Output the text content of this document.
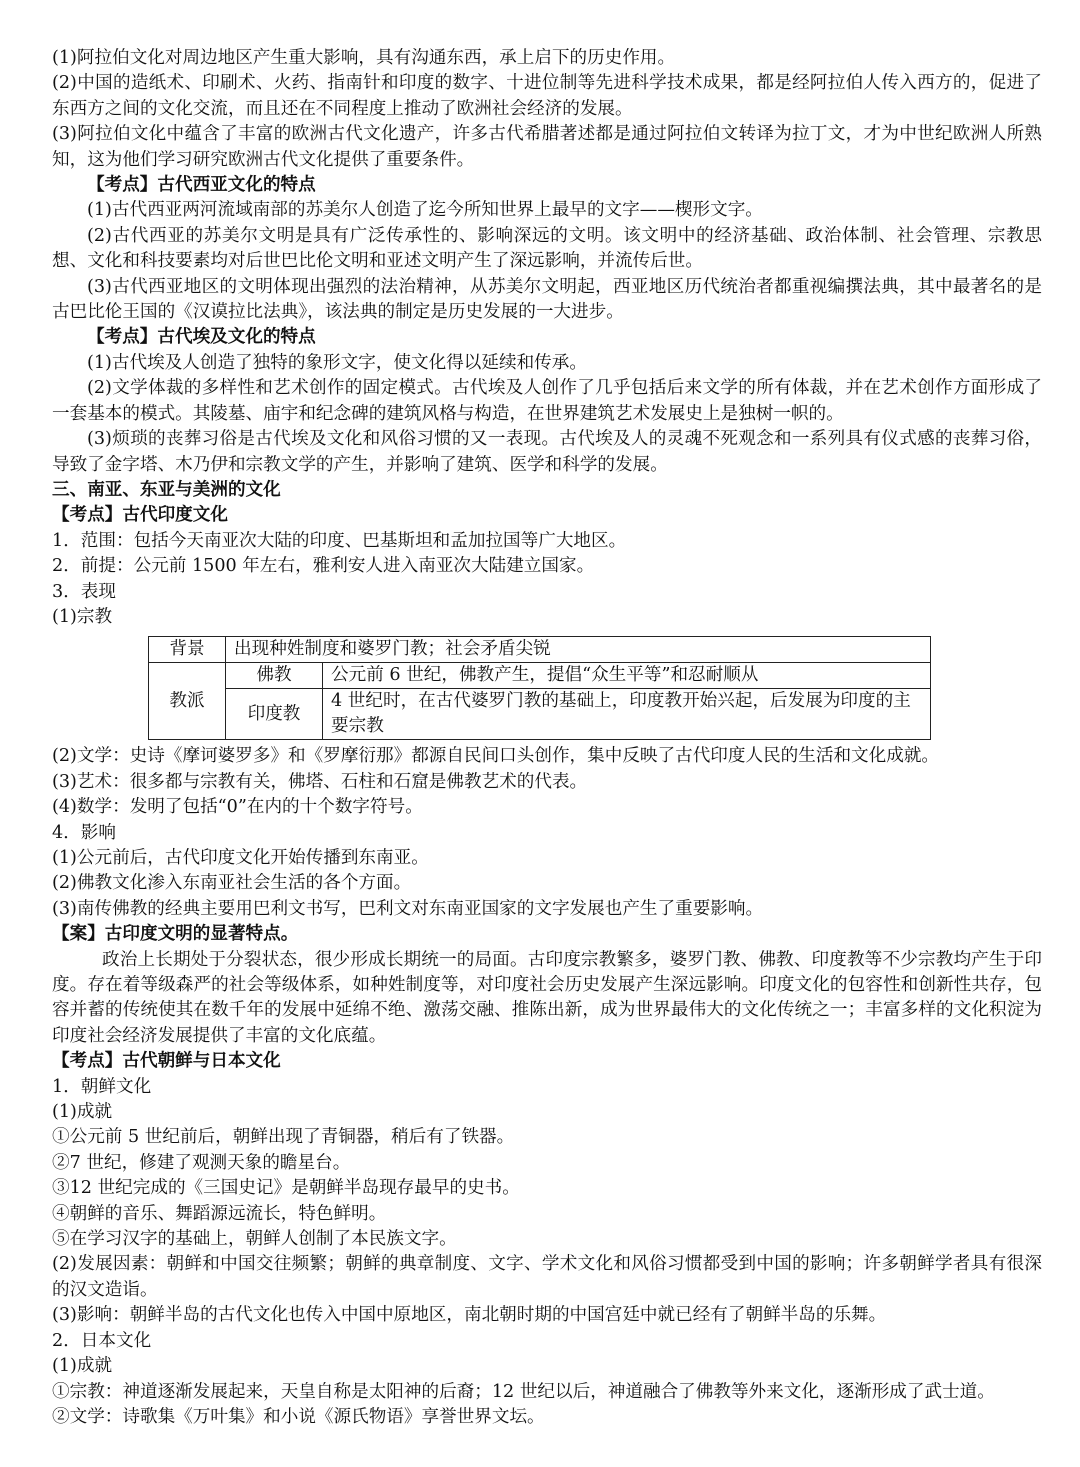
(1)阿拉伯文化对周边地区产生重大影响，具有沟通东西，承上启下的历史作用。

(2)中国的造纸术、印刷术、火药、指南针和印度的数字、十进位制等先进科学技术成果，都是经阿拉伯人传入西方的，促进了东西方之间的文化交流，而且还在不同程度上推动了欧洲社会经济的发展。

(3)阿拉伯文化中蕴含了丰富的欧洲古代文化遗产，许多古代希腊著述都是通过阿拉伯文转译为拉丁文，才为中世纪欧洲人所熟知，这为他们学习研究欧洲古代文化提供了重要条件。

【考点】古代西亚文化的特点

(1)古代西亚两河流域南部的苏美尔人创造了迄今所知世界上最早的文字——楔形文字。

(2)古代西亚的苏美尔文明是具有广泛传承性的、影响深远的文明。该文明中的经济基础、政治体制、社会管理、宗教思想、文化和科技要素均对后世巴比伦文明和亚述文明产生了深远影响，并流传后世。

(3)古代西亚地区的文明体现出强烈的法治精神，从苏美尔文明起，西亚地区历代统治者都重视编撰法典，其中最著名的是古巴比伦王国的《汉谟拉比法典》，该法典的制定是历史发展的一大进步。

【考点】古代埃及文化的特点

(1)古代埃及人创造了独特的象形文字，使文化得以延续和传承。

(2)文学体裁的多样性和艺术创作的固定模式。古代埃及人创作了几乎包括后来文学的所有体裁，并在艺术创作方面形成了一套基本的模式。其陵墓、庙宇和纪念碑的建筑风格与构造，在世界建筑艺术发展史上是独树一帜的。

(3)烦琐的丧葬习俗是古代埃及文化和风俗习惯的又一表现。古代埃及人的灵魂不死观念和一系列具有仪式感的丧葬习俗，导致了金字塔、木乃伊和宗教文学的产生，并影响了建筑、医学和科学的发展。

三、南亚、东亚与美洲的文化

【考点】古代印度文化

1．范围：包括今天南亚次大陆的印度、巴基斯坦和孟加拉国等广大地区。

2．前提：公元前 1500 年左右，雅利安人进入南亚次大陆建立国家。

3．表现

(1)宗教

背景	出现种姓制度和婆罗门教；社会矛盾尖锐	
教派	佛教	公元前 6 世纪，佛教产生，提倡“众生平等”和忍耐顺从
	印度教	4 世纪时，在古代婆罗门教的基础上，印度教开始兴起，后发展为印度的主要宗教

(2)文学：史诗《摩诃婆罗多》和《罗摩衍那》都源自民间口头创作，集中反映了古代印度人民的生活和文化成就。

(3)艺术：很多都与宗教有关，佛塔、石柱和石窟是佛教艺术的代表。

(4)数学：发明了包括“0”在内的十个数字符号。

4．影响

(1)公元前后，古代印度文化开始传播到东南亚。

(2)佛教文化渗入东南亚社会生活的各个方面。

(3)南传佛教的经典主要用巴利文书写，巴利文对东南亚国家的文字发展也产生了重要影响。

【案】古印度文明的显著特点。

政治上长期处于分裂状态，很少形成长期统一的局面。古印度宗教繁多，婆罗门教、佛教、印度教等不少宗教均产生于印度。存在着等级森严的社会等级体系，如种姓制度等，对印度社会历史发展产生深远影响。印度文化的包容性和创新性共存，包容并蓄的传统使其在数千年的发展中延绵不绝、激荡交融、推陈出新，成为世界最伟大的文化传统之一；丰富多样的文化积淀为印度社会经济发展提供了丰富的文化底蕴。

【考点】古代朝鲜与日本文化

1．朝鲜文化

(1)成就

①公元前 5 世纪前后，朝鲜出现了青铜器，稍后有了铁器。

②7 世纪，修建了观测天象的瞻星台。

③12 世纪完成的《三国史记》是朝鲜半岛现存最早的史书。

④朝鲜的音乐、舞蹈源远流长，特色鲜明。

⑤在学习汉字的基础上，朝鲜人创制了本民族文字。

(2)发展因素：朝鲜和中国交往频繁；朝鲜的典章制度、文字、学术文化和风俗习惯都受到中国的影响；许多朝鲜学者具有很深的汉文造诣。

(3)影响：朝鲜半岛的古代文化也传入中国中原地区，南北朝时期的中国宫廷中就已经有了朝鲜半岛的乐舞。

2．日本文化

(1)成就

①宗教：神道逐渐发展起来，天皇自称是太阳神的后裔；12 世纪以后，神道融合了佛教等外来文化，逐渐形成了武士道。

②文学：诗歌集《万叶集》和小说《源氏物语》享誉世界文坛。
